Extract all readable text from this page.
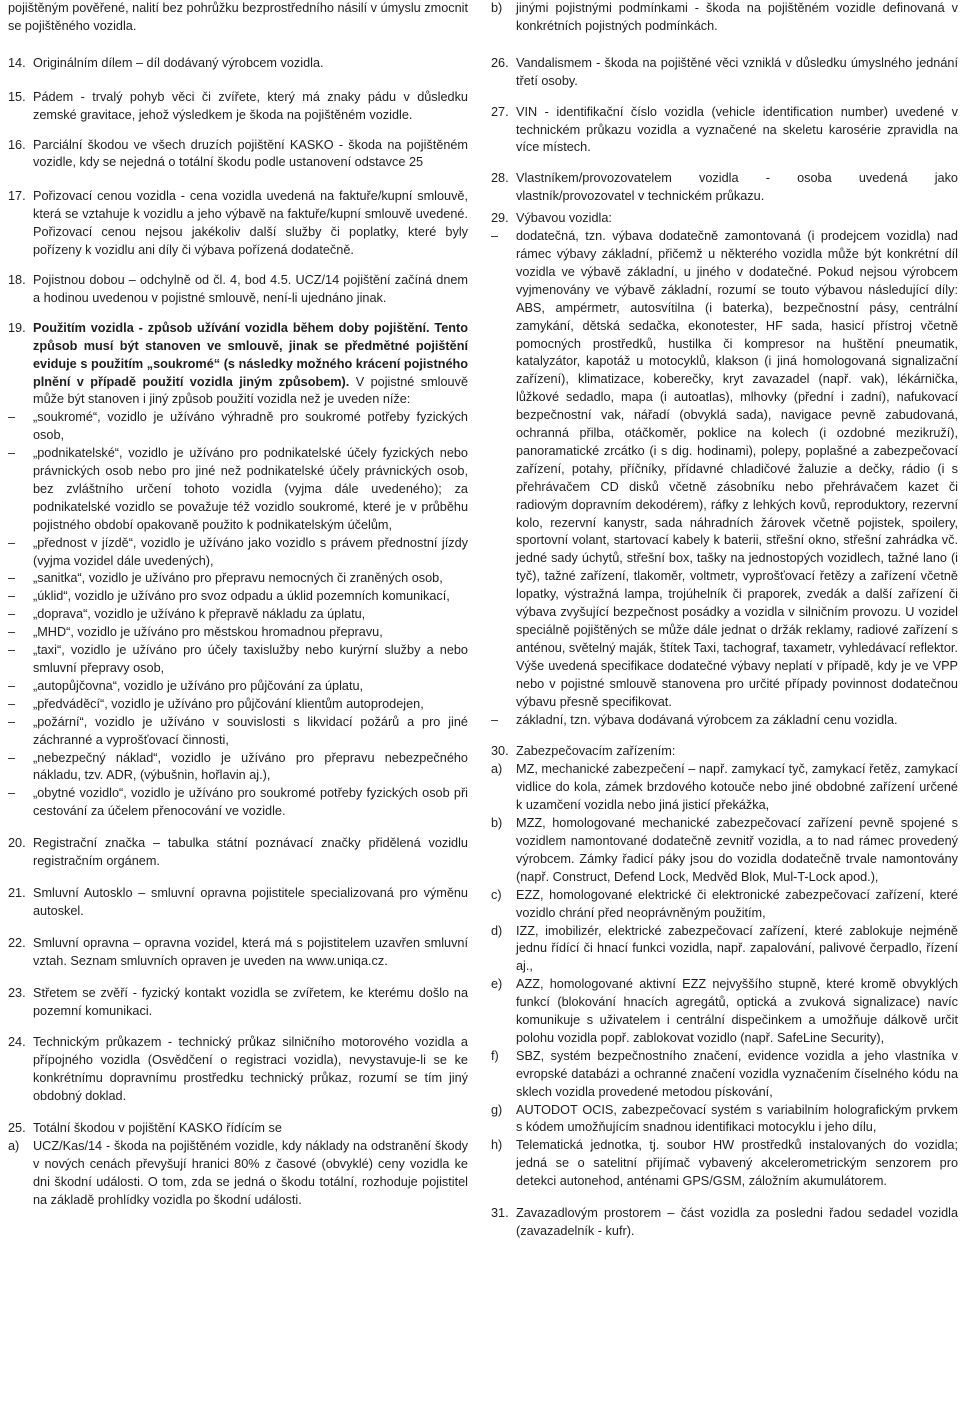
pojištěným pověřené, nalití bez pohrůžku bezprostředního násilí v úmyslu zmocnit se pojištěného vozidla.
14. Originálním dílem – díl dodávaný výrobcem vozidla.
15. Pádem - trvalý pohyb věci či zvířete, který má znaky pádu v důsledku zemské gravitace, jehož výsledkem je škoda na pojištěném vozidle.
16. Parciální škodou ve všech druzích pojištění KASKO - škoda na pojištěném vozidle, kdy se nejedná o totální škodu podle ustanovení odstavce 25
17. Pořizovací cenou vozidla - cena vozidla uvedená na faktuře/kupní smlouvě, která se vztahuje k vozidlu a jeho výbavě na faktuře/kupní smlouvě uvedené. Pořizovací cenou nejsou jakékoliv další služby či poplatky, které byly pořízeny k vozidlu ani díly či výbava pořízená dodatečně.
18. Pojistnou dobou – odchylně od čl. 4, bod 4.5. UCZ/14 pojištění začíná dnem a hodinou uvedenou v pojistné smlouvě, není-li ujednáno jinak.
19. Použitím vozidla - způsob užívání vozidla během doby pojištění. Tento způsob musí být stanoven ve smlouvě, jinak se předmětné pojištění eviduje s použitím „soukromé“ (s následky možného krácení pojistného plnění v případě použití vozidla jiným způsobem). V pojistné smlouvě může být stanoven i jiný způsob použití vozidla než je uveden níže:
–	„soukromé“, vozidlo je užíváno výhradně pro soukromé potřeby fyzických osob,
–	„podnikatelské“, vozidlo je užíváno pro podnikatelské účely fyzických nebo právnických osob nebo pro jiné než podnikatelské účely právnických osob, bez zvláštního určení tohoto vozidla (vyjma dále uvedeného); za podnikatelské vozidlo se považuje též vozidlo soukromé, které je v průběhu pojistného období opakovaně použito k podnikatelským účelům,
–	„přednost v jízdě“, vozidlo je užíváno jako vozidlo s právem přednostní jízdy (vyjma vozidel dále uvedených),
–	„sanitka“, vozidlo je užíváno pro přepravu nemocných či zraněných osob,
–	„úklid“, vozidlo je užíváno pro svoz odpadu a úklid pozemních komunikací,
–	„doprava“, vozidlo je užíváno k přepravě nákladu za úplatu,
–	„MHD“, vozidlo je užíváno pro městskou hromadnou přepravu,
–	„taxi“, vozidlo je užíváno pro účely taxislužby nebo kurýrní služby a nebo smluvní přepravy osob,
–	„autopůjčovna“, vozidlo je užíváno pro půjčování za úplatu,
–	„předváděcí“, vozidlo je užíváno pro půjčování klientům autoprodejen,
–	„požární“, vozidlo je užíváno v souvislosti s likvidací požárů a pro jiné záchranné a vyprošťovací činnosti,
–	„nebezpečný náklad“, vozidlo je užíváno pro přepravu nebezpečného nákladu, tzv. ADR, (výbušnin, hořlavin aj.),
–	„obytné vozidlo“, vozidlo je užíváno pro soukromé potřeby fyzických osob při cestování za účelem přenocování ve vozidle.
20. Registrační značka – tabulka státní poznávací značky přidělená vozidlu registračním orgánem.
21. Smluvní Autosklo – smluvní opravna pojistitele specializovaná pro výměnu autoskel.
22. Smluvní opravna – opravna vozidel, která má s pojistitelem uzavřen smluvní vztah. Seznam smluvních opraven je uveden na www.uniqa.cz.
23. Střetem se zvěří - fyzický kontakt vozidla se zvířetem, ke kterému došlo na pozemní komunikaci.
24. Technickým průkazem - technický průkaz silničního motorového vozidla a přípojného vozidla (Osvědčení o registraci vozidla), nevystavuje-li se ke konkrétnímu dopravnímu prostředku technický průkaz, rozumí se tím jiný obdobný doklad.
25. Totální škodou v pojištění KASKO řídícím se
a)	UCZ/Kas/14 - škoda na pojištěném vozidle, kdy náklady na odstranění škody v nových cenách převyšují hranici 80% z časové (obvyklé) ceny vozidla ke dni škodní události. O tom, zda se jedná o škodu totální, rozhoduje pojistitel na základě prohlídky vozidla po škodní události.
b)	jinými pojistnými podmínkami - škoda na pojištěném vozidle definovaná v konkrétních pojistných podmínkách.
26. Vandalismem - škoda na pojištěné věci vzniklá v důsledku úmyslného jednání třetí osoby.
27. VIN - identifikační číslo vozidla (vehicle identification number) uvedené v technickém průkazu vozidla a vyznačené na skeletu karosérie zpravidla na více místech.
28. Vlastníkem/provozovatelem vozidla - osoba uvedená jako vlastník/provozovatel v technickém průkazu.
29. Výbavou vozidla:
–	dodatečná, tzn. výbava dodatečně zamontovaná (i prodejcem vozidla) nad rámec výbavy základní, přičemž u některého vozidla může být konkrétní díl vozidla ve výbavě základní, u jiného v dodatečné. Pokud nejsou výrobcem vyjmenovány ve výbavě základní, rozumí se touto výbavou následující díly: ABS, ampérmetr, autosvítilna (i baterka), bezpečnostní pásy, centrální zamykání, dětská sedačka, ekonotester, HF sada, hasicí přístroj včetně pomocných prostředků, hustilka či kompresor na huštění pneumatik, katalyzátor, kapotáž u motocyklů, klakson (i jiná homologovaná signalizační zařízení), klimatizace, koberečky, kryt zavazadel (např. vak), lékárnička, lůžkové sedadlo, mapa (i autoatlas), mlhovky (přední i zadní), nafukovací bezpečnostní vak, nářadí (obvyklá sada), navigace pevně zabudovaná, ochranná přilba, otáčkoměr, poklice na kolech (i ozdobné mezikruží), panoramatické zrcátko (i s dig. hodinami), polepy, poplašné a zabezpečovací zařízení, potahy, příčníky, přídavné chladičové žaluzie a dečky, rádio (i s přehrávačem CD disků včetně zásobníku nebo přehrávačem kazet či radiovým dopravním dekodérem), ráfky z lehkých kovů, reproduktory, rezervní kolo, rezervní kanystr, sada náhradních žárovek včetně pojistek, spoilery, sportovní volant, startovací kabely k baterii, střešní okno, střešní zahrádka vč. jedné sady úchytů, střešní box, tašky na jednostopých vozidlech, tažné lano (i tyč), tažné zařízení, tlakoměr, voltmetr, vyprošťovací řetězy a zařízení včetně lopatky, výstražná lampa, trojúhelník či praporek, zvedák a další zařízení či výbava zvyšující bezpečnost posádky a vozidla v silničním provozu. U vozidel speciálně pojištěných se může dále jednat o držák reklamy, radiové zařízení s anténou, světelný maják, štítek Taxi, tachograf, taxametr, vyhledávací reflektor.
Výše uvedená specifikace dodatečné výbavy neplatí v případě, kdy je ve VPP nebo v pojistné smlouvě stanovena pro určité případy povinnost dodatečnou výbavu přesně specifikovat.
–	základní, tzn. výbava dodávaná výrobcem za základní cenu vozidla.
30. Zabezpečovacím zařízením:
a)	MZ, mechanické zabezpečení – např. zamykací tyč, zamykací řetěz, zamykací vidlice do kola, zámek brzdového kotouče nebo jiné obdobné zařízení určené k uzamčení vozidla nebo jiná jisticí překážka,
b)	MZZ, homologované mechanické zabezpečovací zařízení pevně spojené s vozidlem namontované dodatečně zevnitř vozidla, a to nad rámec provedený výrobcem. Zámky řadicí páky jsou do vozidla dodatečně trvale namontovány (např. Construct, Defend Lock, Medvěd Blok, Mul-T-Lock apod.),
c)	EZZ, homologované elektrické či elektronické zabezpečovací zařízení, které vozidlo chrání před neoprávněným použitím,
d)	IZZ, imobilizér, elektrické zabezpečovací zařízení, které zablokuje nejméně jednu řídící či hnací funkci vozidla, např. zapalování, palivové čerpadlo, řízení aj.,
e)	AZZ, homologované aktivní EZZ nejvyššího stupně, které kromě obvyklých funkcí (blokování hnacích agregátů, optická a zvuková signalizace) navíc komunikuje s uživatelem i centrální dispečinkem a umožňuje dálkově určit polohu vozidla popř. zablokovat vozidlo (např. SafeLine Security),
f)	SBZ, systém bezpečnostního značení, evidence vozidla a jeho vlastníka v evropské databázi a ochranné značení vozidla vyznačením číselného kódu na sklech vozidla provedené metodou pískování,
g)	AUTODOT OCIS, zabezpečovací systém s variabilním holografickým prvkem s kódem umožňujícím snadnou identifikaci motocyklu i jeho dílu,
h)	Telematická jednotka, tj. soubor HW prostředků instalovaných do vozidla; jedná se o satelitní přijímač vybavený akcelerometrickým senzorem pro detekci autonehod, anténami GPS/GSM, záložním akumulátorem.
31. Zavazadlovým prostorem – část vozidla za posledni řadou sedadel vozidla (zavazadelník - kufr).
